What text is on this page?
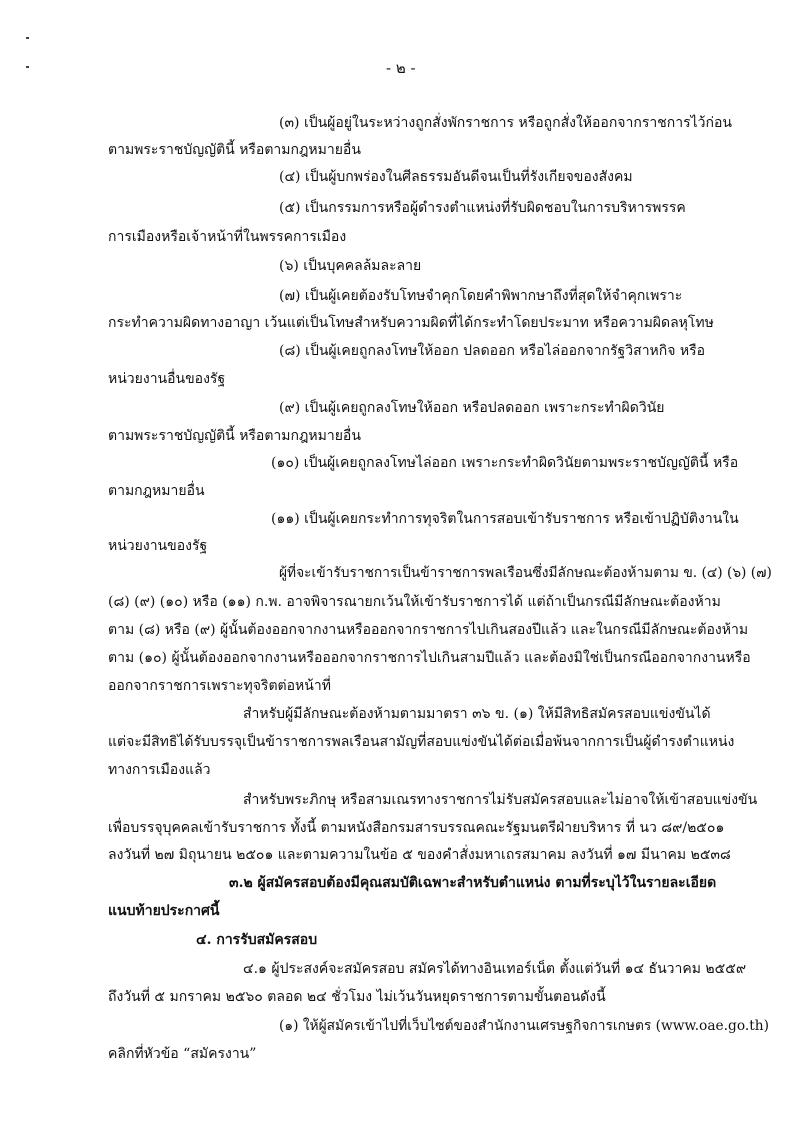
- ๒ -
(๓) เป็นผู้อยู่ในระหว่างถูกสั่งพักราชการ หรือถูกสั่งให้ออกจากราชการไว้ก่อน
ตามพระราชบัญญัตินี้ หรือตามกฎหมายอื่น
(๔) เป็นผู้บกพร่องในศีลธรรมอันดีจนเป็นที่รังเกียจของสังคม
(๕) เป็นกรรมการหรือผู้ดำรงตำแหน่งที่รับผิดชอบในการบริหารพรรค
การเมืองหรือเจ้าหน้าที่ในพรรคการเมือง
(๖) เป็นบุคคลล้มละลาย
(๗) เป็นผู้เคยต้องรับโทษจำคุกโดยคำพิพากษาถึงที่สุดให้จำคุกเพราะ
กระทำความผิดทางอาญา เว้นแต่เป็นโทษสำหรับความผิดที่ได้กระทำโดยประมาท หรือความผิดลหุโทษ
(๘) เป็นผู้เคยถูกลงโทษให้ออก ปลดออก หรือไล่ออกจากรัฐวิสาหกิจ หรือ
หน่วยงานอื่นของรัฐ
(๙) เป็นผู้เคยถูกลงโทษให้ออก หรือปลดออก เพราะกระทำผิดวินัย
ตามพระราชบัญญัตินี้ หรือตามกฎหมายอื่น
(๑๐) เป็นผู้เคยถูกลงโทษไล่ออก เพราะกระทำผิดวินัยตามพระราชบัญญัตินี้ หรือ
ตามกฎหมายอื่น
(๑๑) เป็นผู้เคยกระทำการทุจริตในการสอบเข้ารับราชการ หรือเข้าปฏิบัติงานใน
หน่วยงานของรัฐ
ผู้ที่จะเข้ารับราชการเป็นข้าราชการพลเรือนซึ่งมีลักษณะต้องห้ามตาม ข. (๔) (๖) (๗)
(๘) (๙) (๑๐) หรือ (๑๑) ก.พ. อาจพิจารณายกเว้นให้เข้ารับราชการได้ แต่ถ้าเป็นกรณีมีลักษณะต้องห้าม
ตาม (๘) หรือ (๙) ผู้นั้นต้องออกจากงานหรือออกจากราชการไปเกินสองปีแล้ว และในกรณีมีลักษณะต้องห้าม
ตาม (๑๐) ผู้นั้นต้องออกจากงานหรือออกจากราชการไปเกินสามปีแล้ว และต้องมิใช่เป็นกรณีออกจากงานหรือ
ออกจากราชการเพราะทุจริตต่อหน้าที่
สำหรับผู้มีลักษณะต้องห้ามตามมาตรา ๓๖ ข. (๑) ให้มีสิทธิสมัครสอบแข่งขันได้
แต่จะมีสิทธิได้รับบรรจุเป็นข้าราชการพลเรือนสามัญที่สอบแข่งขันได้ต่อเมื่อพ้นจากการเป็นผู้ดำรงตำแหน่ง
ทางการเมืองแล้ว
สำหรับพระภิกษุ หรือสามเณรทางราชการไม่รับสมัครสอบและไม่อาจให้เข้าสอบแข่งขัน
เพื่อบรรจุบุคคลเข้ารับราชการ ทั้งนี้ ตามหนังสือกรมสารบรรณคณะรัฐมนตรีฝ่ายบริหาร ที่ นว ๘๙/๒๕๐๑
ลงวันที่ ๒๗ มิถุนายน ๒๕๐๑ และตามความในข้อ ๕ ของคำสั่งมหาเถรสมาคม ลงวันที่ ๑๗ มีนาคม ๒๕๓๘
๓.๒ ผู้สมัครสอบต้องมีคุณสมบัติเฉพาะสำหรับตำแหน่ง ตามที่ระบุไว้ในรายละเอียด
แนบท้ายประกาศนี้
๔. การรับสมัครสอบ
๔.๑ ผู้ประสงค์จะสมัครสอบ สมัครได้ทางอินเทอร์เน็ต ตั้งแต่วันที่ ๑๔ ธันวาคม ๒๕๕๙
ถึงวันที่ ๕ มกราคม ๒๕๖๐ ตลอด ๒๔ ชั่วโมง ไม่เว้นวันหยุดราชการตามขั้นตอนดังนี้
(๑) ให้ผู้สมัครเข้าไปที่เว็บไซต์ของสำนักงานเศรษฐกิจการเกษตร (www.oae.go.th)
คลิกที่หัวข้อ “สมัครงาน”
